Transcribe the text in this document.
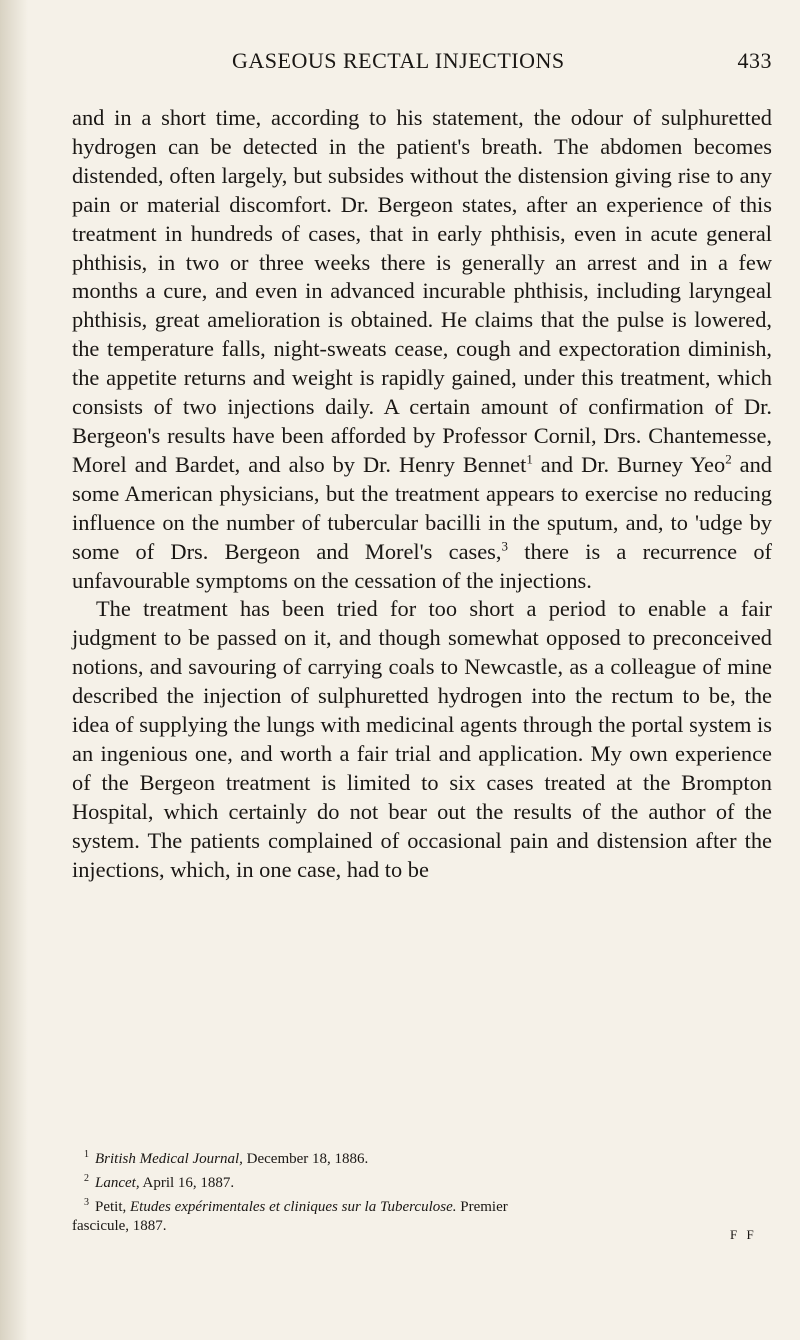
GASEOUS RECTAL INJECTIONS	433

and in a short time, according to his statement, the odour of sulphuretted hydrogen can be detected in the patient's breath. The abdomen becomes distended, often largely, but subsides without the distension giving rise to any pain or material discomfort. Dr. Bergeon states, after an experience of this treatment in hundreds of cases, that in early phthisis, even in acute general phthisis, in two or three weeks there is generally an arrest and in a few months a cure, and even in advanced incurable phthisis, including laryngeal phthisis, great amelioration is obtained. He claims that the pulse is lowered, the temperature falls, night-sweats cease, cough and expectoration diminish, the appetite returns and weight is rapidly gained, under this treatment, which consists of two injections daily. A certain amount of confirmation of Dr. Bergeon's results have been afforded by Professor Cornil, Drs. Chantemesse, Morel and Bardet, and also by Dr. Henry Bennet$^1$ and Dr. Burney Yeo$^2$ and some American physicians, but the treatment appears to exercise no reducing influence on the number of tubercular bacilli in the sputum, and, to 'udge by some of Drs. Bergeon and Morel's cases,$^3$ there is a recurrence of unfavourable symptoms on the cessation of the injections.

The treatment has been tried for too short a period to enable a fair judgment to be passed on it, and though somewhat opposed to preconceived notions, and savouring of carrying coals to Newcastle, as a colleague of mine described the injection of sulphuretted hydrogen into the rectum to be, the idea of supplying the lungs with medicinal agents through the portal system is an ingenious one, and worth a fair trial and application. My own experience of the Bergeon treatment is limited to six cases treated at the Brompton Hospital, which certainly do not bear out the results of the author of the system. The patients complained of occasional pain and distension after the injections, which, in one case, had to be

$^1$ British Medical Journal, December 18, 1886.

$^2$ Lancet, April 16, 1887.

$^3$ Petit, Etudes expérimentales et cliniques sur la Tuberculose. Premier

fascicule, 1887.

F F
